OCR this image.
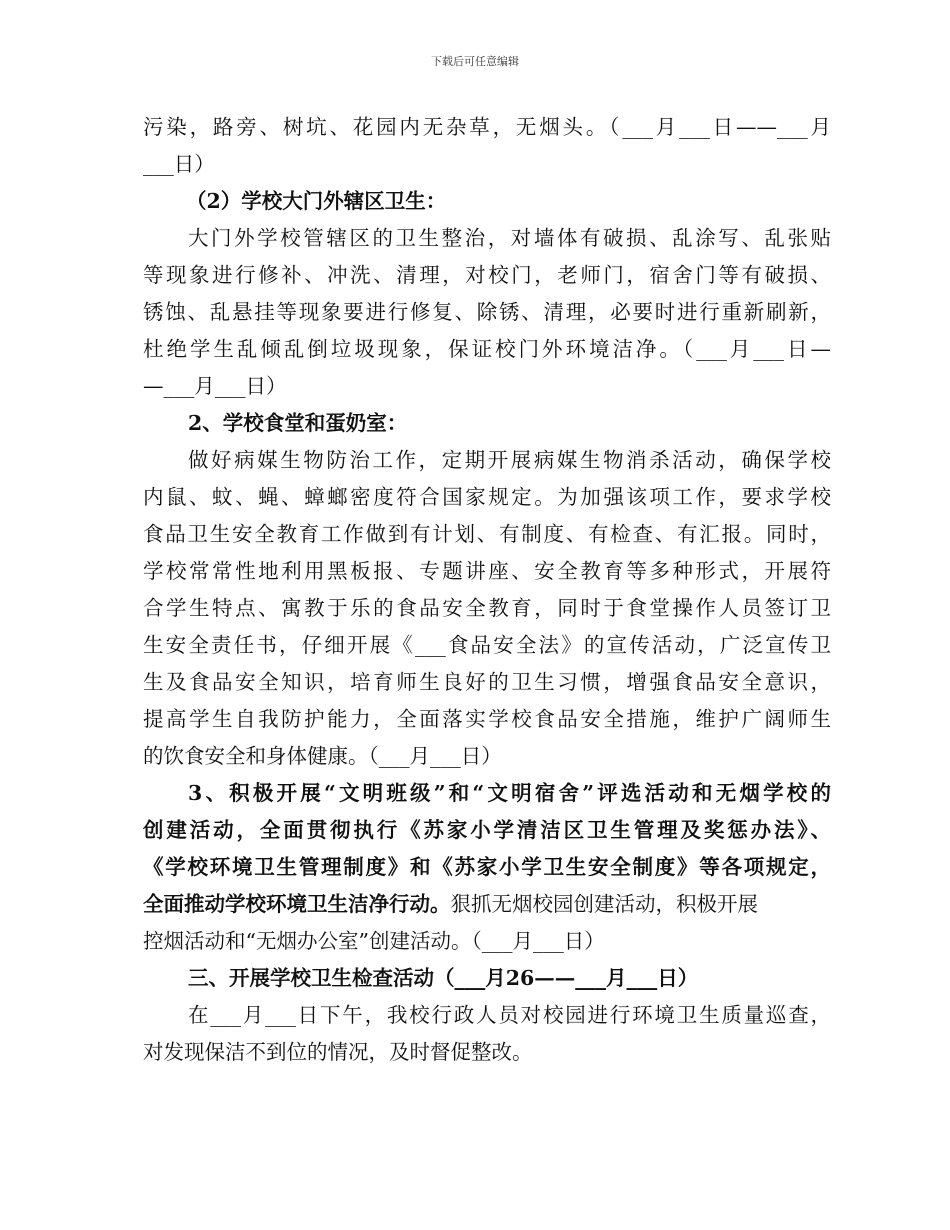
下载后可任意编辑
污染，路旁、树坑、花园内无杂草，无烟头。（___月___日——___月
___日）
（2）学校大门外辖区卫生：
大门外学校管辖区的卫生整治，对墙体有破损、乱涂写、乱张贴
等现象进行修补、冲洗、清理，对校门，老师门，宿舍门等有破损、
锈蚀、乱悬挂等现象要进行修复、除锈、清理，必要时进行重新刷新，
杜绝学生乱倾乱倒垃圾现象，保证校门外环境洁净。（___月___日—
—___月___日）
2、学校食堂和蛋奶室：
做好病媒生物防治工作，定期开展病媒生物消杀活动，确保学校
内鼠、蚊、蝇、蟑螂密度符合国家规定。为加强该项工作，要求学校
食品卫生安全教育工作做到有计划、有制度、有检查、有汇报。同时，
学校常常性地利用黑板报、专题讲座、安全教育等多种形式，开展符
合学生特点、寓教于乐的食品安全教育，同时于食堂操作人员签订卫
生安全责任书，仔细开展《___食品安全法》的宣传活动，广泛宣传卫
生及食品安全知识，培育师生良好的卫生习惯，增强食品安全意识，
提高学生自我防护能力，全面落实学校食品安全措施，维护广阔师生
的饮食安全和身体健康。（___月___日）
3、积极开展“文明班级”和“文明宿舍”评选活动和无烟学校的
创建活动，全面贯彻执行《苏家小学清洁区卫生管理及奖惩办法》、
《学校环境卫生管理制度》和《苏家小学卫生安全制度》等各项规定，
全面推动学校环境卫生洁净行动。狠抓无烟校园创建活动，积极开展
控烟活动和“无烟办公室”创建活动。（___月___日）
三、开展学校卫生检查活动（___月26——___月___日）
在___月___日下午，我校行政人员对校园进行环境卫生质量巡查，
对发现保洁不到位的情况，及时督促整改。
